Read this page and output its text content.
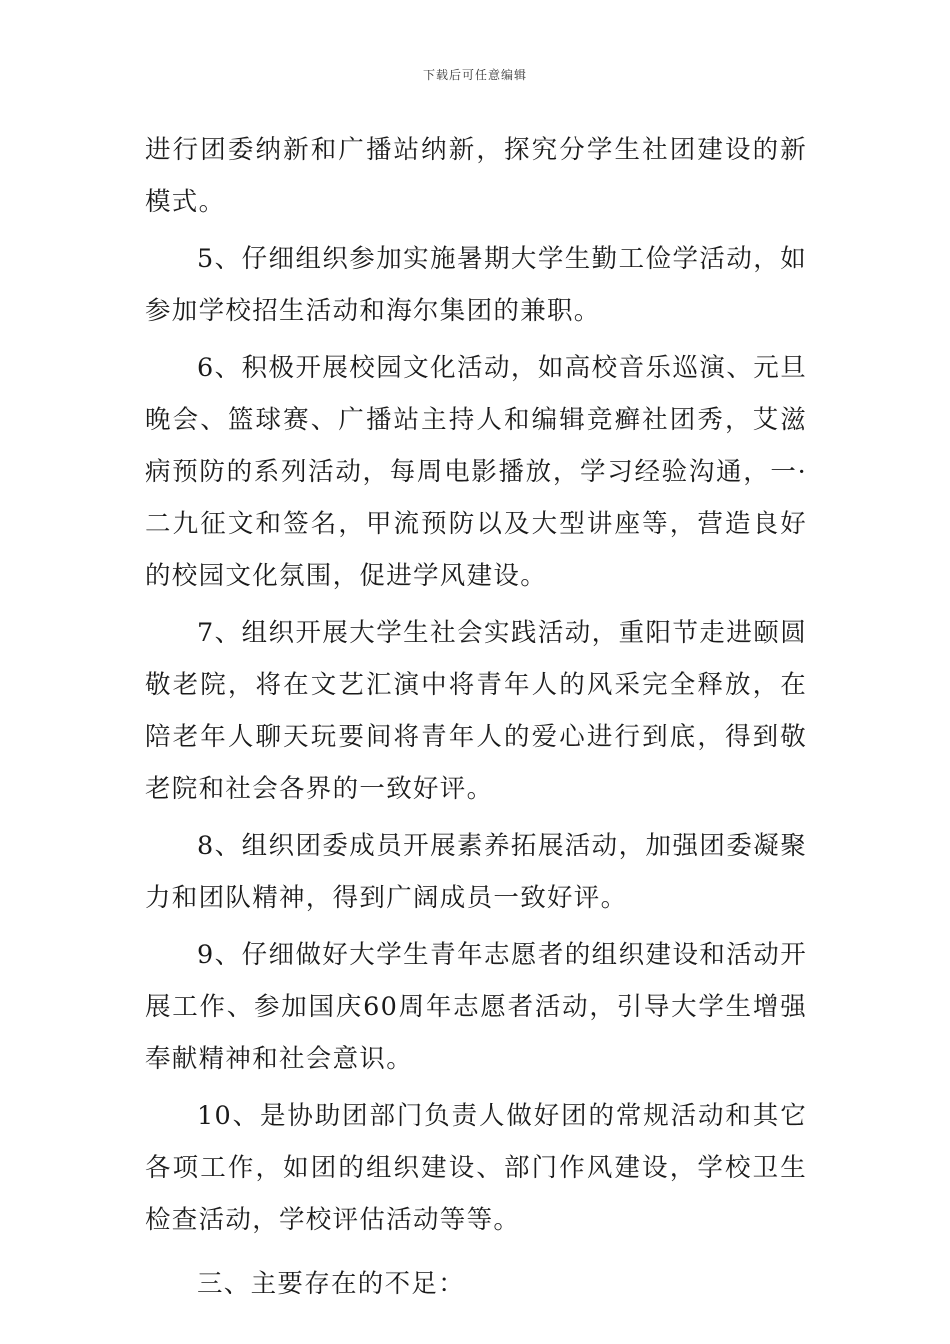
下载后可任意编辑

进行团委纳新和广播站纳新，探究分学生社团建设的新模式。

5、仔细组织参加实施暑期大学生勤工俭学活动，如参加学校招生活动和海尔集团的兼职。

6、积极开展校园文化活动，如高校音乐巡演、元旦晚会、篮球赛、广播站主持人和编辑竞癣社团秀，艾滋病预防的系列活动，每周电影播放，学习经验沟通，一·二九征文和签名，甲流预防以及大型讲座等，营造良好的校园文化氛围，促进学风建设。

7、组织开展大学生社会实践活动，重阳节走进颐圆敬老院，将在文艺汇演中将青年人的风采完全释放，在陪老年人聊天玩要间将青年人的爱心进行到底，得到敬老院和社会各界的一致好评。

8、组织团委成员开展素养拓展活动，加强团委凝聚力和团队精神，得到广阔成员一致好评。

9、仔细做好大学生青年志愿者的组织建设和活动开展工作、参加国庆60周年志愿者活动，引导大学生增强奉献精神和社会意识。

10、是协助团部门负责人做好团的常规活动和其它各项工作，如团的组织建设、部门作风建设，学校卫生检查活动，学校评估活动等等。

三、主要存在的不足：
